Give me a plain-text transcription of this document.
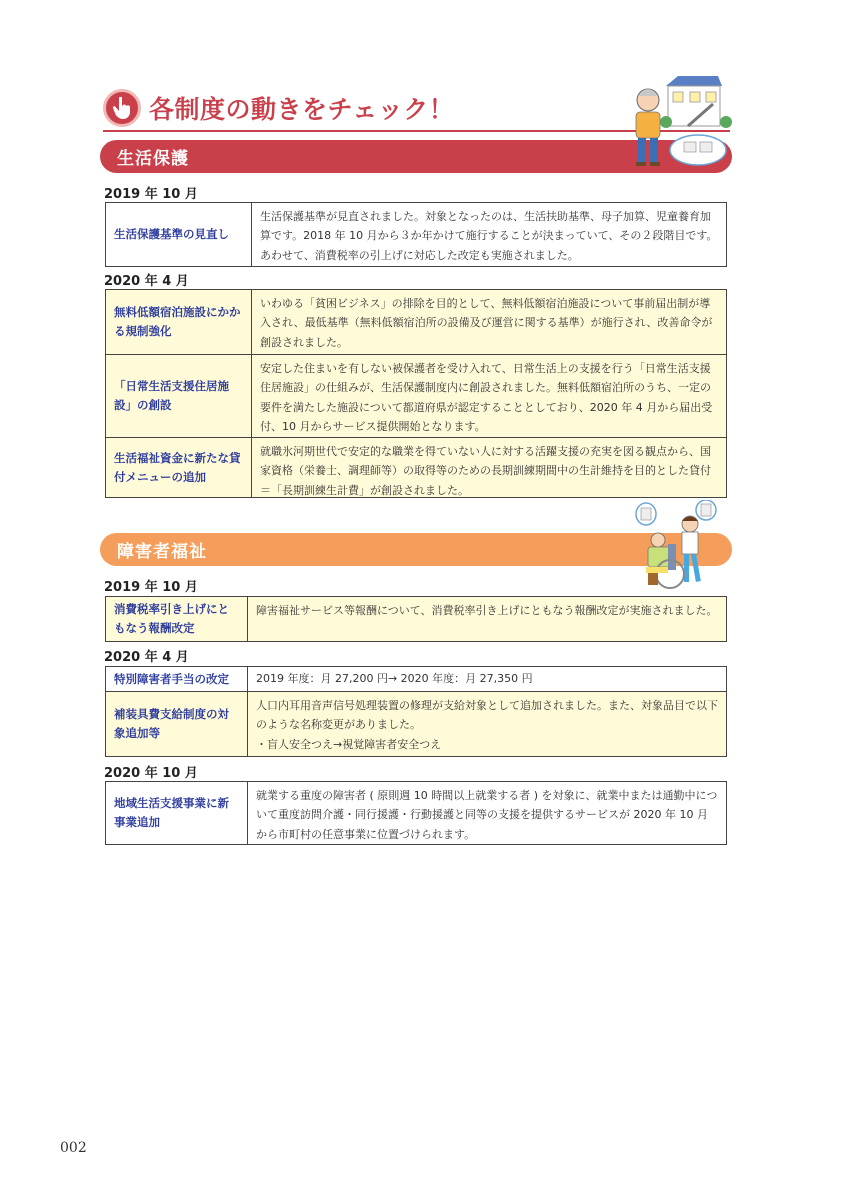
各制度の動きをチェック！
生活保護
2019 年 10 月
生活保護基準の見直し
生活保護基準が見直されました。対象となったのは、生活扶助基準、母子加算、児童養育加算です。2018 年 10 月から３か年かけて施行することが決まっていて、その２段階目です。あわせて、消費税率の引上げに対応した改定も実施されました。
2020 年 4 月
無料低額宿泊施設にかかる規制強化
いわゆる「貧困ビジネス」の排除を目的として、無料低額宿泊施設について事前届出制が導入され、最低基準（無料低額宿泊所の設備及び運営に関する基準）が施行され、改善命令が創設されました。
「日常生活支援住居施設」の創設
安定した住まいを有しない被保護者を受け入れて、日常生活上の支援を行う「日常生活支援住居施設」の仕組みが、生活保護制度内に創設されました。無料低額宿泊所のうち、一定の要件を満たした施設について都道府県が認定することとしており、2020 年 4 月から届出受付、10 月からサービス提供開始となります。
生活福祉資金に新たな貸付メニューの追加
就職氷河期世代で安定的な職業を得ていない人に対する活躍支援の充実を図る観点から、国家資格（栄養士、調理師等）の取得等のための長期訓練期間中の生計維持を目的とした貸付＝「長期訓練生計費」が創設されました。
障害者福祉
2019 年 10 月
消費税率引き上げにともなう報酬改定
障害福祉サービス等報酬について、消費税率引き上げにともなう報酬改定が実施されました。
2020 年 4 月
特別障害者手当の改定	2019 年度：月 27,200 円→ 2020 年度：月 27,350 円
補装具費支給制度の対象追加等
人口内耳用音声信号処理装置の修理が支給対象として追加されました。また、対象品目で以下のような名称変更がありました。
・盲人安全つえ→視覚障害者安全つえ
2020 年 10 月
地域生活支援事業に新事業追加
就業する重度の障害者 ( 原則週 10 時間以上就業する者 ) を対象に、就業中または通勤中について重度訪問介護・同行援護・行動援護と同等の支援を提供するサービスが 2020 年 10 月から市町村の任意事業に位置づけられます。
002
